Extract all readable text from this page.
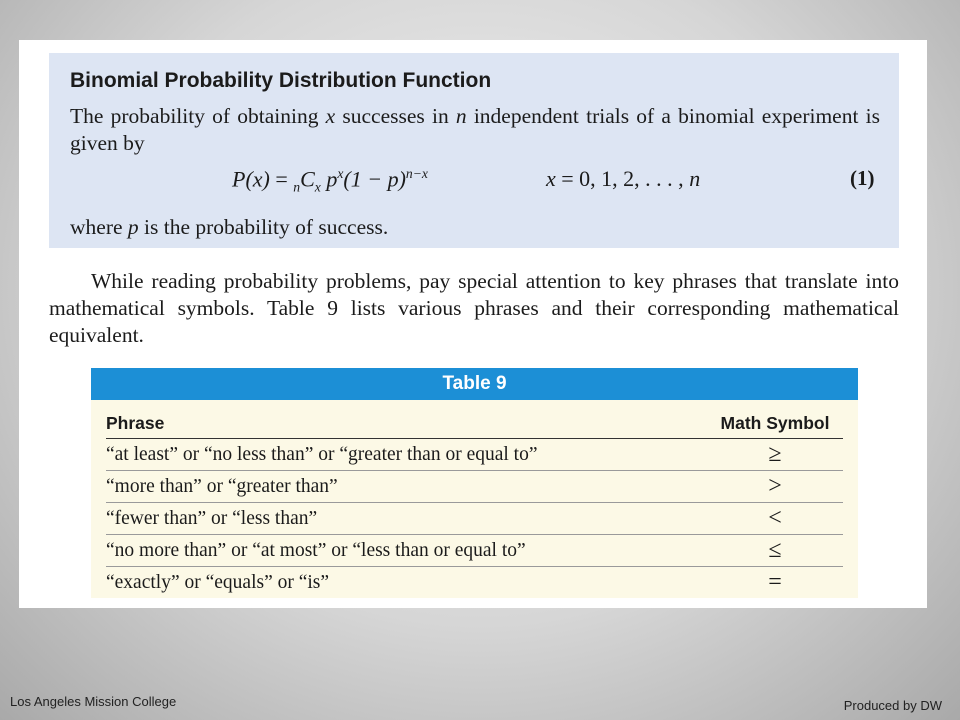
Binomial Probability Distribution Function
The probability of obtaining x successes in n independent trials of a binomial experiment is given by
$P(x) = _nC_x$ $p^x(1 - p)^{n-x}$	x = 0, 1, 2, . . . , n	(1)
where p is the probability of success.
While reading probability problems, pay special attention to key phrases that translate into mathematical symbols. Table 9 lists various phrases and their corresponding mathematical equivalent.
Table 9
Phrase	Math Symbol
“at least” or “no less than” or “greater than or equal to”	≥
“more than” or “greater than”	>
“fewer than” or “less than”	<
“no more than” or “at most” or “less than or equal to”	≤
“exactly” or “equals” or “is”	=
Los Angeles Mission College	Produced by DW
